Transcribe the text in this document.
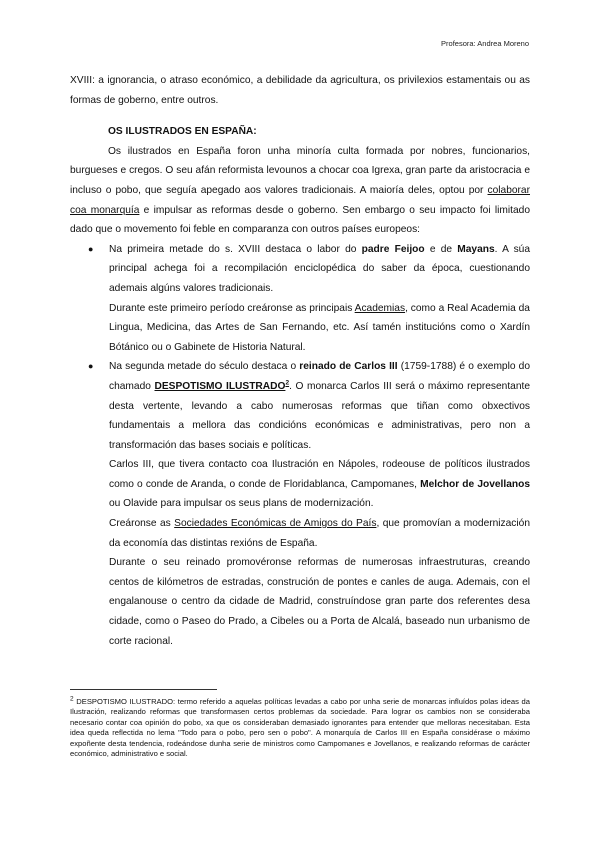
Profesora: Andrea Moreno

XVIII: a ignorancia, o atraso económico, a debilidade da agricultura, os privilexios estamentais ou as formas de goberno, entre outros.

OS ILUSTRADOS EN ESPAÑA:

Os ilustrados en España foron unha minoría culta formada por nobres, funcionarios, burgueses e cregos. O seu afán reformista levounos a chocar coa Igrexa, gran parte da aristocracia e incluso o pobo, que seguía apegado aos valores tradicionais. A maioría deles, optou por colaborar coa monarquía e impulsar as reformas desde o goberno. Sen embargo o seu impacto foi limitado dado que o movemento foi feble en comparanza con outros países europeos:

● Na primeira metade do s. XVIII destaca o labor do padre Feijoo e de Mayans. A súa principal achega foi a recompilación enciclopédica do saber da época, cuestionando ademais algúns valores tradicionais.

Durante este primeiro período creáronse as principais Academias, como a Real Academia da Lingua, Medicina, das Artes de San Fernando, etc. Así tamén institucións como o Xardín Bótánico ou o Gabinete de Historia Natural.

● Na segunda metade do século destaca o reinado de Carlos III (1759-1788) é o exemplo do chamado DESPOTISMO ILUSTRADO$^2$. O monarca Carlos III será o máximo representante desta vertente, levando a cabo numerosas reformas que tiñan como obxectivos fundamentais a mellora das condicións económicas e administrativas, pero non a transformación das bases sociais e políticas.

Carlos III, que tivera contacto coa Ilustración en Nápoles, rodeouse de políticos ilustrados como o conde de Aranda, o conde de Floridablanca, Campomanes, Melchor de Jovellanos ou Olavide para impulsar os seus plans de modernización.

Creáronse as Sociedades Económicas de Amigos do País, que promovían a modernización da economía das distintas rexións de España.

Durante o seu reinado promovéronse reformas de numerosas infraestruturas, creando centos de kilómetros de estradas, construción de pontes e canles de auga. Ademais, con el engalanouse o centro da cidade de Madrid, construíndose gran parte dos referentes desa cidade, como o Paseo do Prado, a Cibeles ou a Porta de Alcalá, baseado nun urbanismo de corte racional.

$^2$ DESPOTISMO ILUSTRADO: termo referido a aquelas políticas levadas a cabo por unha serie de monarcas influídos polas ideas da Ilustración, realizando reformas que transformasen certos problemas da sociedade. Para lograr os cambios non se consideraba necesario contar coa opinión do pobo, xa que os consideraban demasiado ignorantes para entender que melloras necesitaban. Esta idea queda reflectida no lema "Todo para o pobo, pero sen o pobo". A monarquía de Carlos III en España considérase o máximo expoñente desta tendencia, rodeándose dunha serie de ministros como Campomanes e Jovellanos, e realizando reformas de carácter económico, administrativo e social.
